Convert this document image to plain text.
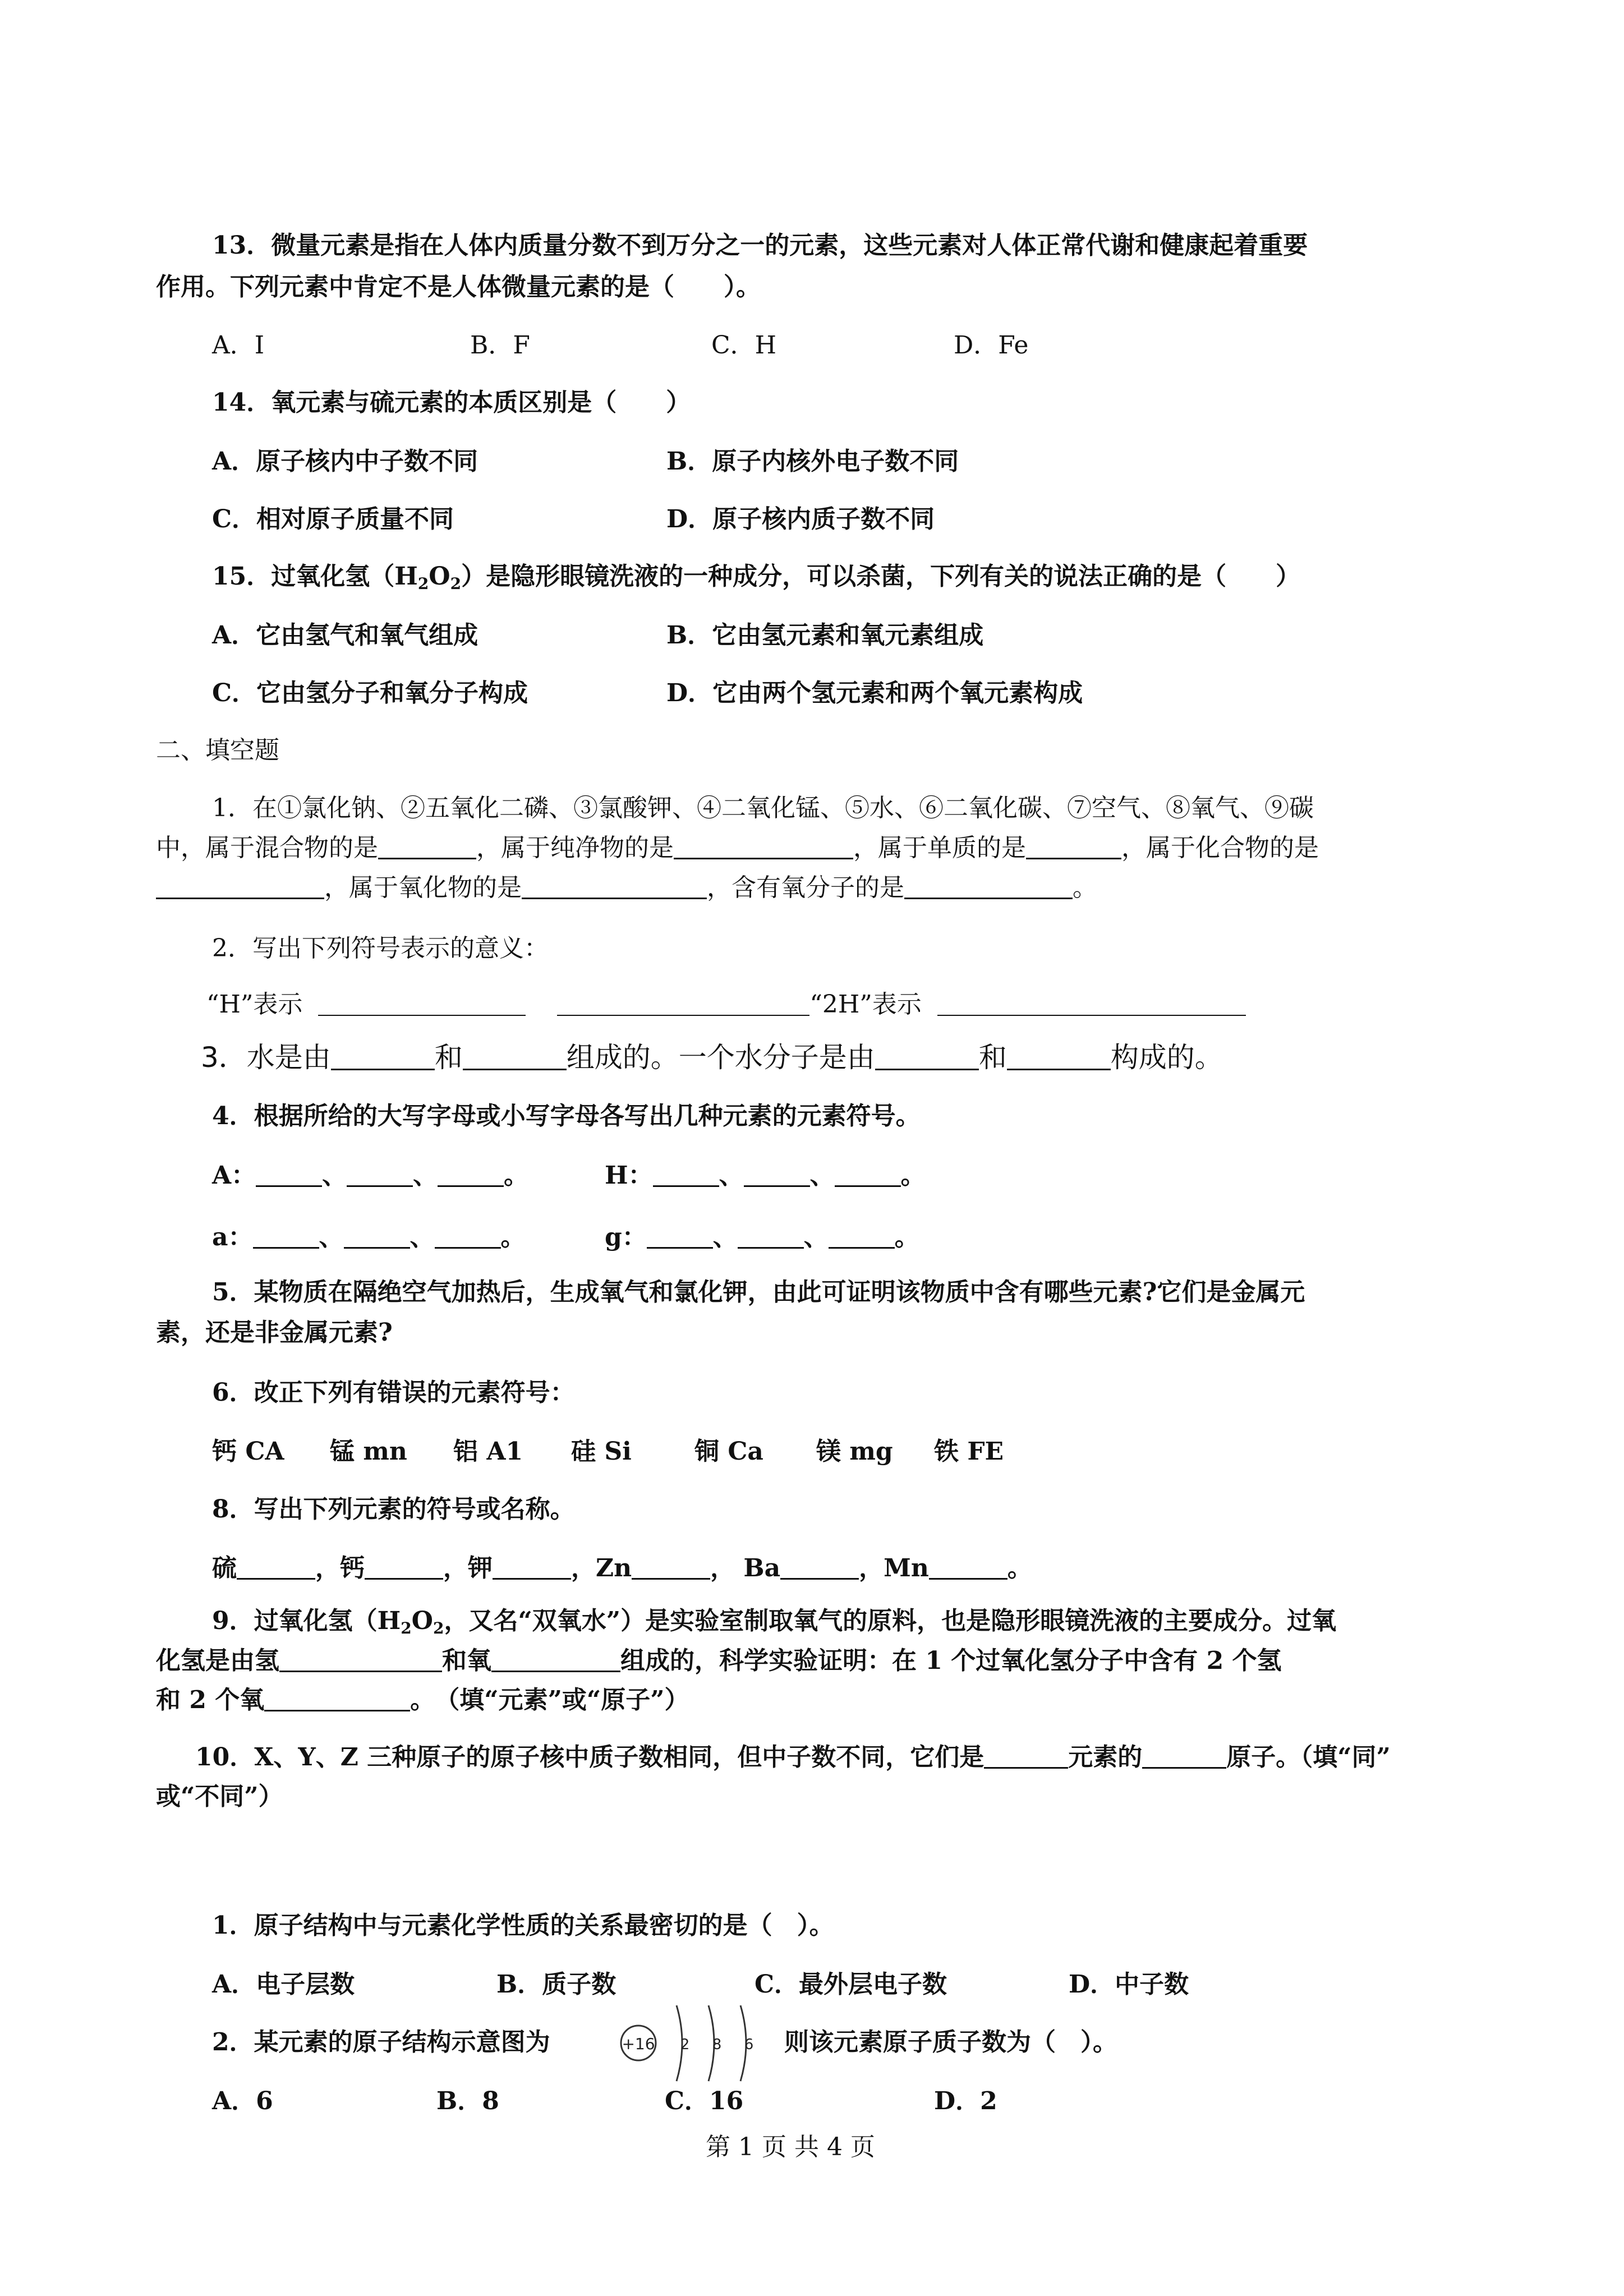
13．微量元素是指在人体内质量分数不到万分之一的元素，这些元素对人体正常代谢和健康起着重要
作用。下列元素中肯定不是人体微量元素的是（　　）。
A．I	B．F	C．H	D．Fe
14．氧元素与硫元素的本质区别是（　　）
A．原子核内中子数不同	B．原子内核外电子数不同
C．相对原子质量不同	D．原子核内质子数不同
15．过氧化氢$(H_2O_2)$是隐形眼镜洗液的一种成分，可以杀菌，下列有关的说法正确的是（　　）
A．它由氢气和氧气组成	B．它由氢元素和氧元素组成
C．它由氢分子和氧分子构成	D．它由两个氢元素和两个氧元素构成
二、填空题
1．在①氯化钠、②五氧化二磷、③氯酸钾、④二氧化锰、⑤水、⑥二氧化碳、⑦空气、⑧氧气、⑨碳
中，属于混合物的是	，属于纯净物的是	，属于单质的是	，属于化合物的是
，属于氧化物的是	，含有氧分子的是	。
2．写出下列符号表示的意义：
“H”表示	“2H”表示
3．水是由	和	组成的。一个水分子是由	和	构成的。
4．根据所给的大写字母或小写字母各写出几种元素的元素符号。
A：	、	、	。	H：	、	、	。
a：	、	、	。	g：	、	、	。
5．某物质在隔绝空气加热后，生成氧气和氯化钾，由此可证明该物质中含有哪些元素?它们是金属元
素，还是非金属元素?
6．改正下列有错误的元素符号：
钙 CA 锰 mn 铝 A1 硅 Si	铜 Ca 镁 mg 铁 FE
8．写出下列元素的符号或名称。
硫	，钙	，钾	，Zn	， Ba	，Mn	。
9．过氧化氢（$H_2O_2$，又名“双氧水”）是实验室制取氧气的原料，也是隐形眼镜洗液的主要成分。过氧
化氢是由氢	和氧	组成的，科学实验证明：在 1 个过氧化氢分子中含有 2 个氢
和 2 个氧	。　（填“元素”或“原子”）
10．X、Y、Z 三种原子的原子核中质子数相同，但中子数不同，它们是	元素的	原子。（填“同”
或“不同”）
1．原子结构中与元素化学性质的关系最密切的是（　）。
A．电子层数	B．质子数	C．最外层电子数	D．中子数
2．某元素的原子结构示意图为	+16 2 8 6 则该元素原子质子数为（　）。
A．6	B．8	C．16	D．2
第 1 页 共 4 页
